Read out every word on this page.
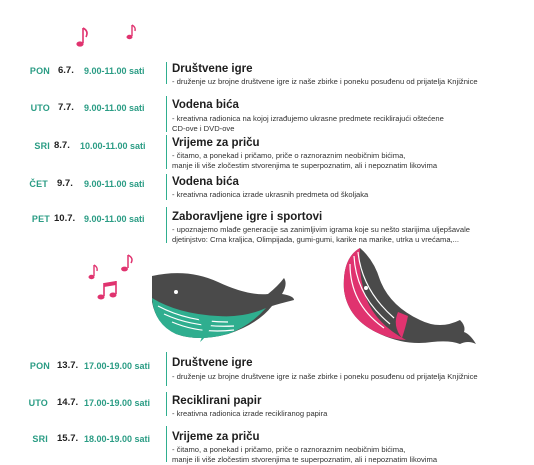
PON 6.7. 9.00-11.00 sati Društvene igre
- druženje uz brojne društvene igre iz naše zbirke i poneku posuđenu od prijatelja Knjižnice
UTO 7.7. 9.00-11.00 sati Vodena bića
- kreativna radionica na kojoj izrađujemo ukrasne predmete reciklirajući oštećene
CD-ove i DVD-ove
SRI 8.7. 10.00-11.00 sati Vrijeme za priču
- čitamo, a ponekad i pričamo, priče o raznoraznim neobičnim bićima,
manje ili više zločestim stvorenjima te superpoznatim, ali i nepoznatim likovima
ČET 9.7. 9.00-11.00 sati Vodena bića
- kreativna radionica izrade ukrasnih predmeta od školjaka
PET 10.7. 9.00-11.00 sati Zaboravljene igre i sportovi
- upoznajemo mlađe generacije sa zanimljivim igrama koje su nešto starijima uljepšavale
djetinjstvo: Crna kraljica, Olimpijada, gumi-gumi, karike na marike, utrka u vrećama,...
PON 13.7. 17.00-19.00 sati Društvene igre
- druženje uz brojne društvene igre iz naše zbirke i poneku posuđenu od prijatelja Knjižnice
UTO 14.7. 17.00-19.00 sati Reciklirani papir
- kreativna radionica izrade recikliranog papira
SRI 15.7. 18.00-19.00 sati Vrijeme za priču
- čitamo, a ponekad i pričamo, priče o raznoraznim neobičnim bićima,
manje ili više zločestim stvorenjima te superpoznatim, ali i nepoznatim likovima
